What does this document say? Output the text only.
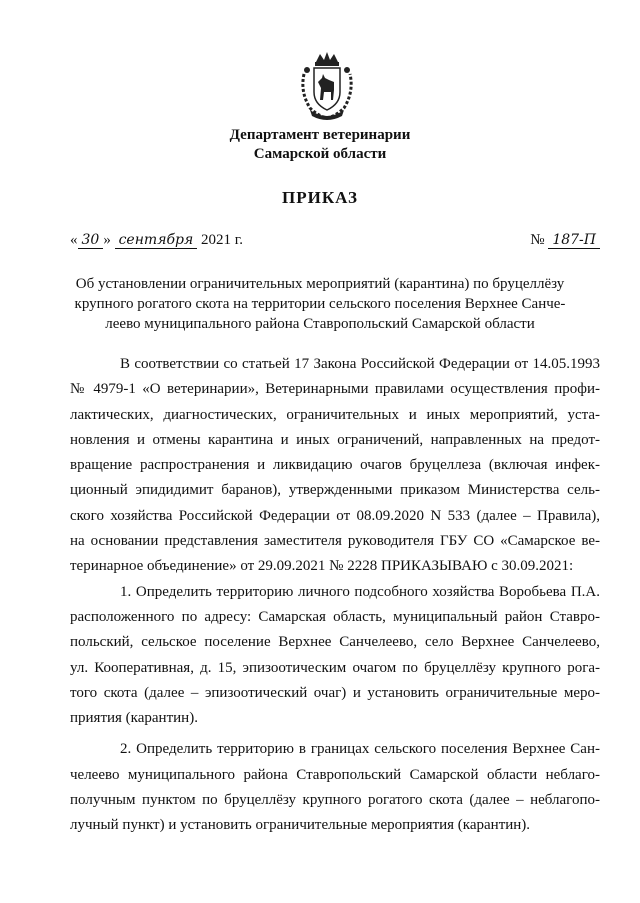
Департамент ветеринарии
Самарской области
ПРИКАЗ
« 30 » сентября 2021 г.	№ 187-П
Об установлении ограничительных мероприятий (карантина) по бруцеллёзу
крупного рогатого скота на территории сельского поселения Верхнее Санче-
леево муниципального района Ставропольский Самарской области
В соответствии со статьей 17 Закона Российской Федерации от 14.05.1993
№ 4979-1 «О ветеринарии», Ветеринарными правилами осуществления профи-
лактических, диагностических, ограничительных и иных мероприятий, уста-
новления и отмены карантина и иных ограничений, направленных на предот-
вращение распространения и ликвидацию очагов бруцеллеза (включая инфек-
ционный эпидидимит баранов), утвержденными приказом Министерства сель-
ского хозяйства Российской Федерации от 08.09.2020 N 533 (далее – Правила),
на основании представления заместителя руководителя ГБУ СО «Самарское ве-
теринарное объединение» от 29.09.2021 № 2228 ПРИКАЗЫВАЮ с 30.09.2021:
1. Определить территорию личного подсобного хозяйства Воробьева П.А.
расположенного по адресу: Самарская область, муниципальный район Ставро-
польский, сельское поселение Верхнее Санчелеево, село Верхнее Санчелеево,
ул. Кооперативная, д. 15, эпизоотическим очагом по бруцеллёзу крупного рога-
того скота (далее – эпизоотический очаг) и установить ограничительные меро-
приятия (карантин).
2. Определить территорию в границах сельского поселения Верхнее Сан-
челеево муниципального района Ставропольский Самарской области неблаго-
получным пунктом по бруцеллёзу крупного рогатого скота (далее – неблагопо-
лучный пункт) и установить ограничительные мероприятия (карантин).
